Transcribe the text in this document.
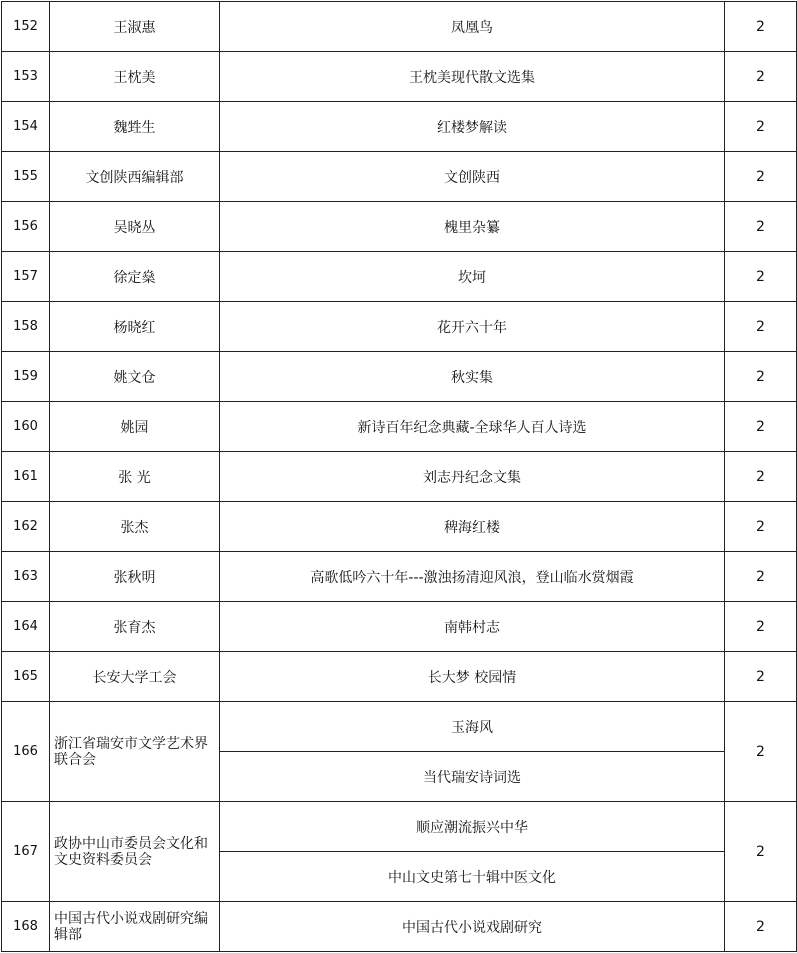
152	王淑惠	凤凰鸟	2
153	王枕美	王枕美现代散文选集	2
154	魏甡生	红楼梦解读	2
155	文创陕西编辑部	文创陕西	2
156	吴晓丛	槐里杂纂	2
157	徐定燊	坎坷	2
158	杨晓红	花开六十年	2
159	姚文仓	秋实集	2
160	姚园	新诗百年纪念典藏-全球华人百人诗选	2
161	张 光	刘志丹纪念文集	2
162	张杰	稗海红楼	2
163	张秋明	高歌低吟六十年---激浊扬清迎风浪，登山临水赏烟霞	2
164	张育杰	南韩村志	2
165	长安大学工会	长大梦 校园情	2
166	浙江省瑞安市文学艺术界联合会	玉海风	2
		当代瑞安诗词选	
167	政协中山市委员会文化和文史资料委员会	顺应潮流振兴中华	2
		中山文史第七十辑中医文化	
168	中国古代小说戏剧研究编辑部	中国古代小说戏剧研究	2
